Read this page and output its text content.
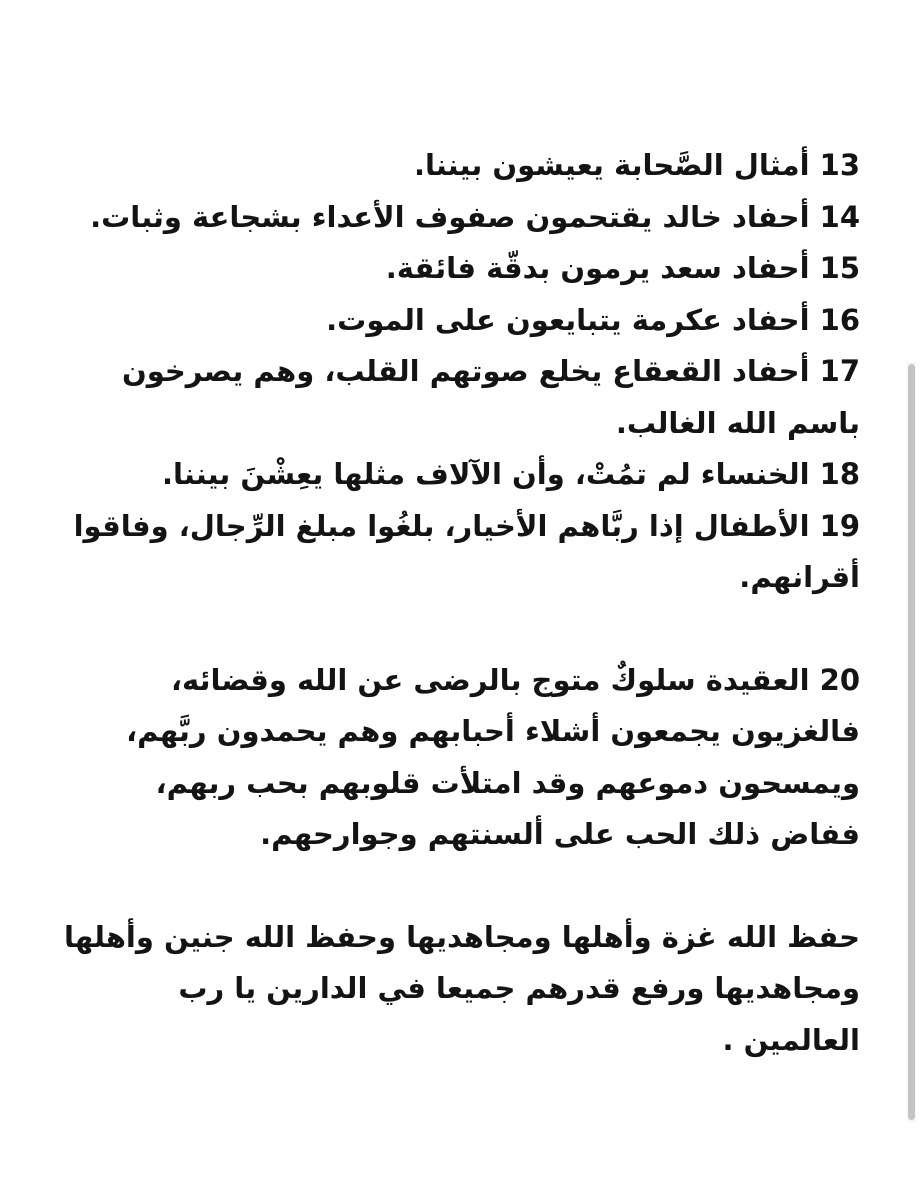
13 أمثال الصَّحابة يعيشون بيننا.

14 أحفاد خالد يقتحمون صفوف الأعداء بشجاعة وثبات.

15 أحفاد سعد يرمون بدقّة فائقة.

16 أحفاد عكرمة يتبايعون على الموت.

17 أحفاد القعقاع يخلع صوتهم القلب، وهم يصرخون باسم الله الغالب.

18 الخنساء لم تمُتْ، وأن الآلاف مثلها يعِشْنَ بيننا.

19 الأطفال إذا ربَّاهم الأخيار، بلغُوا مبلغ الرِّجال، وفاقوا أقرانهم.

20 العقيدة سلوكٌ متوج بالرضى عن الله وقضائه، فالغزيون يجمعون أشلاء أحبابهم وهم يحمدون ربَّهم، ويمسحون دموعهم وقد امتلأت قلوبهم بحب ربهم، ففاض ذلك الحب على ألسنتهم وجوارحهم.

حفظ الله غزة وأهلها ومجاهديها وحفظ الله جنين وأهلها ومجاهديها ورفع قدرهم جميعا في الدارين يا رب العالمين .
